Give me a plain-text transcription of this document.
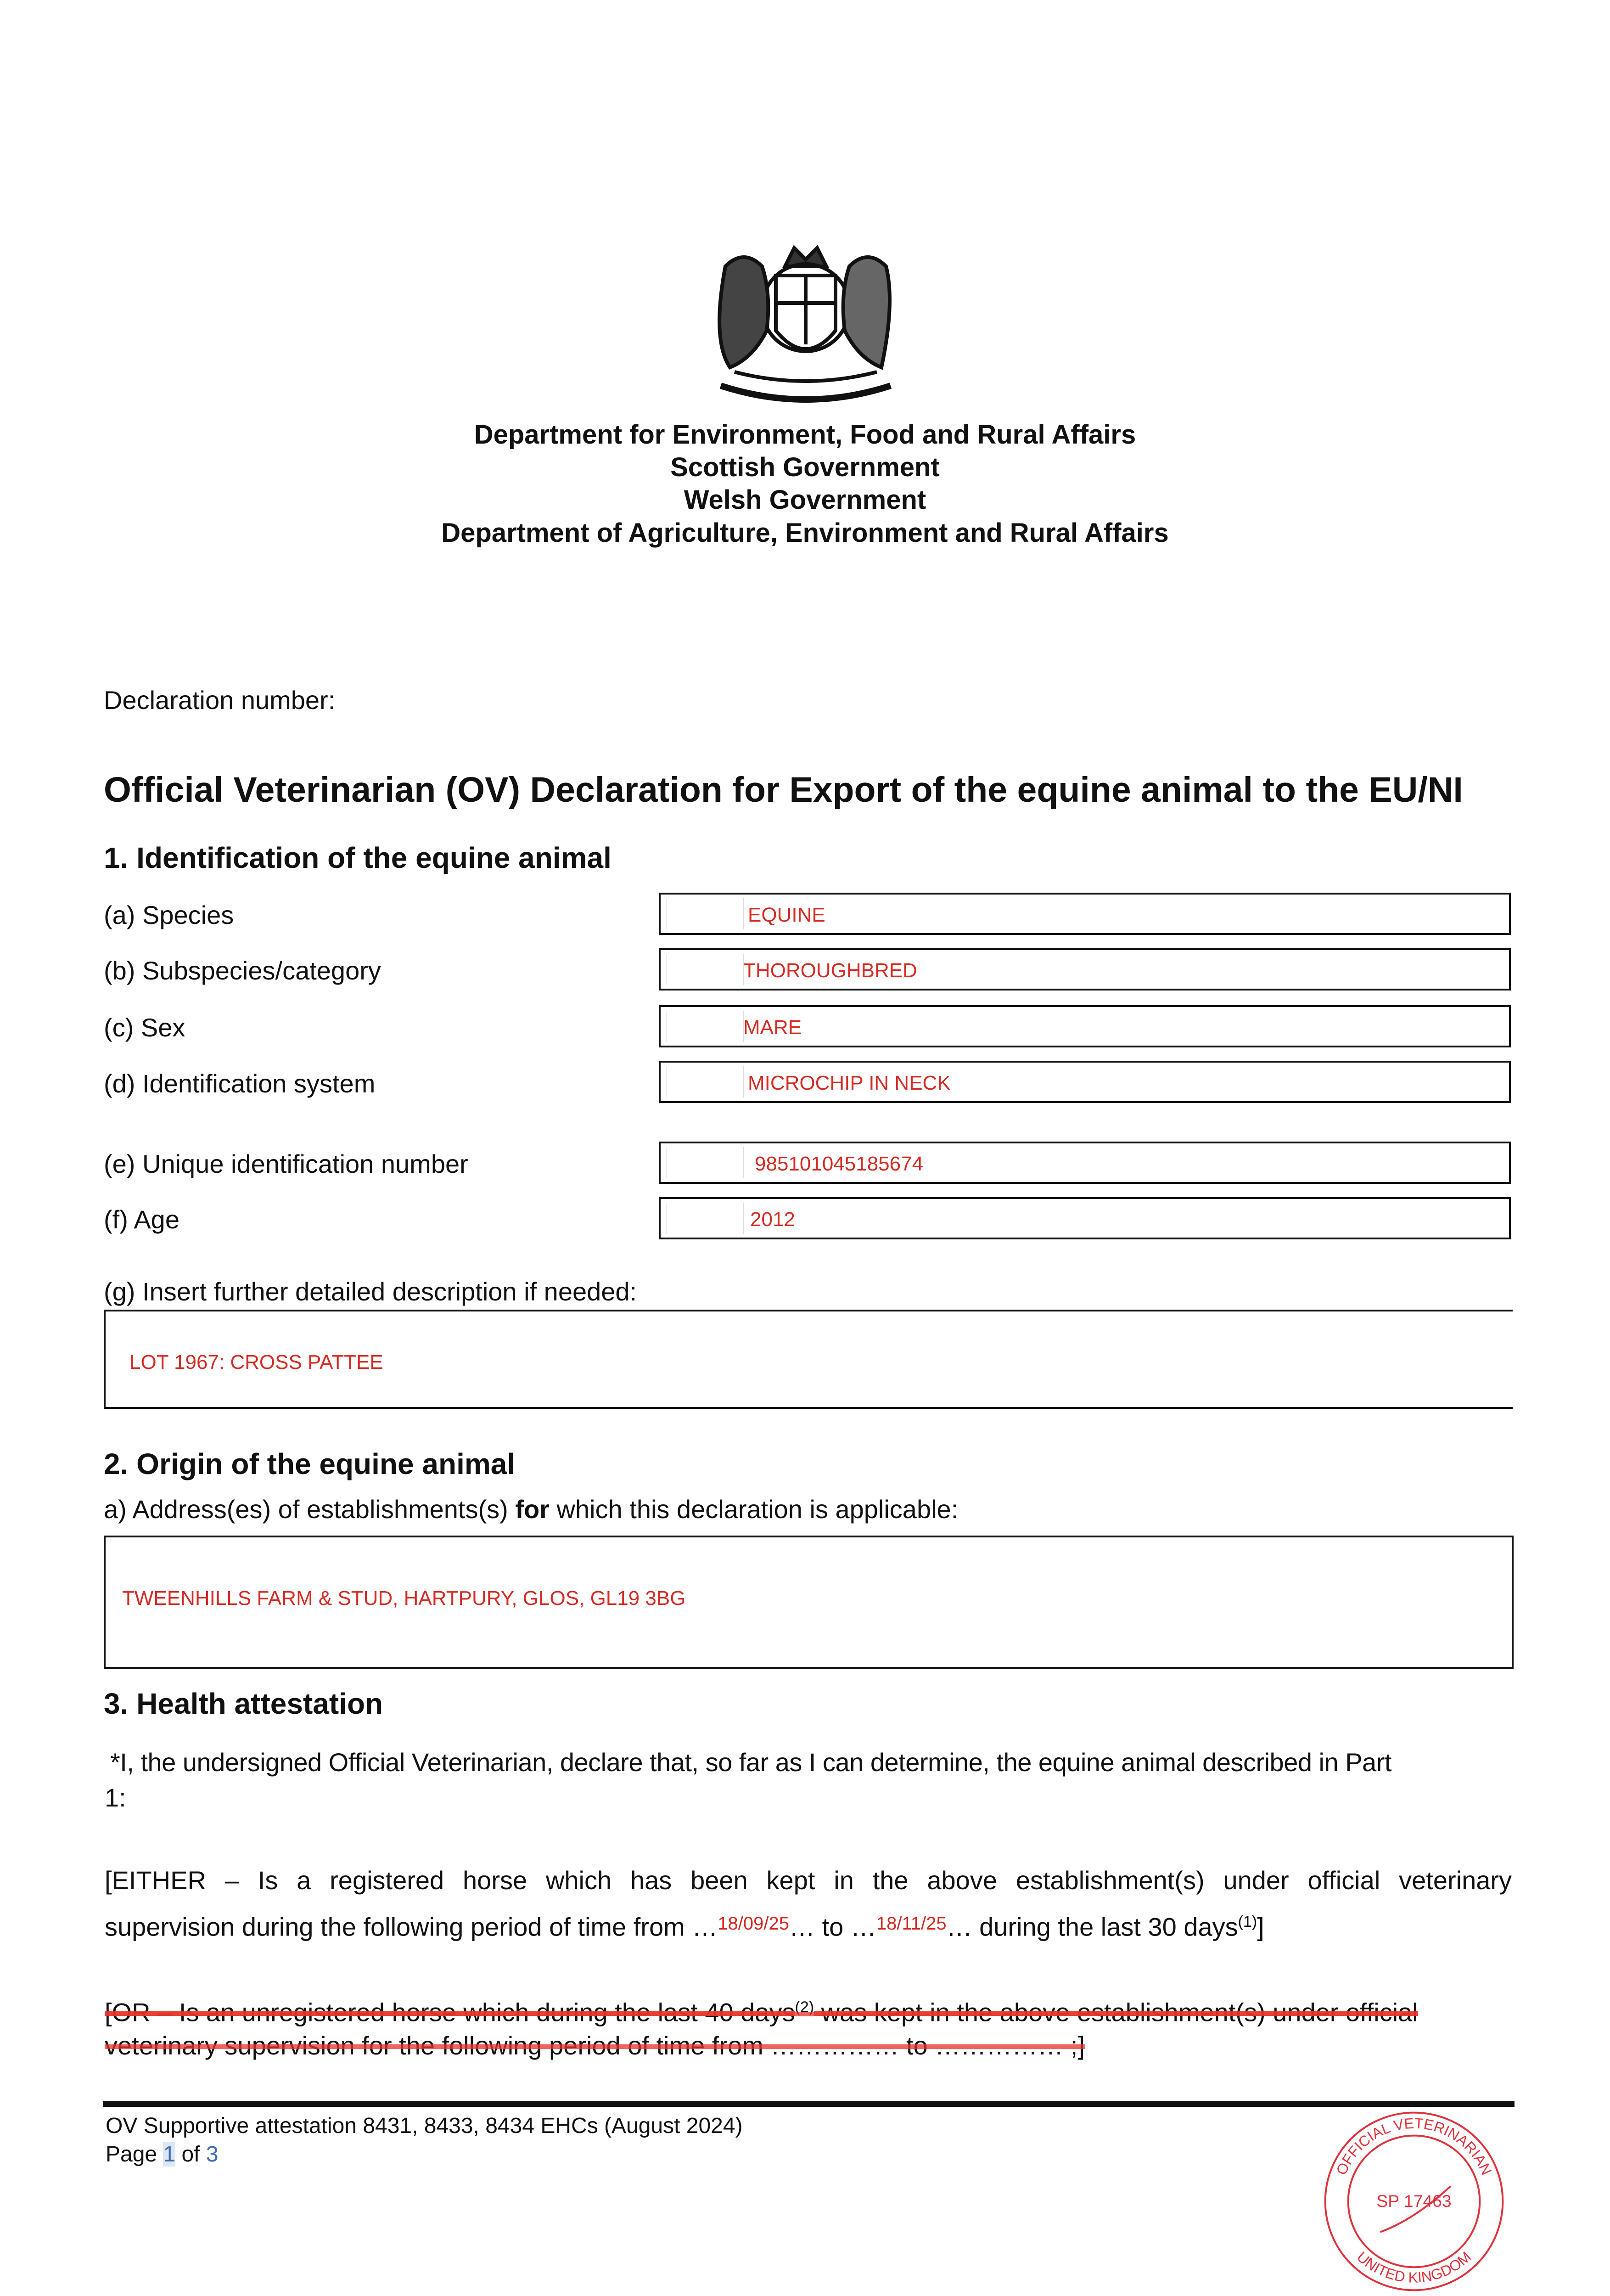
Department for Environment, Food and Rural Affairs
Scottish Government
Welsh Government
Department of Agriculture, Environment and Rural Affairs
Declaration number:
Official Veterinarian (OV) Declaration for Export of the equine animal to the EU/NI
1. Identification of the equine animal
(a) Species	EQUINE
(b) Subspecies/category	THOROUGHBRED
(c) Sex	MARE
(d) Identification system	MICROCHIP IN NECK
(e) Unique identification number	985101045185674
(f) Age	2012
(g) Insert further detailed description if needed:
LOT 1967: CROSS PATTEE
2. Origin of the equine animal
a) Address(es) of establishments(s) for which this declaration is applicable:
TWEENHILLS FARM & STUD, HARTPURY, GLOS, GL19 3BG
3. Health attestation
*I, the undersigned Official Veterinarian, declare that, so far as I can determine, the equine animal described in Part
1:
[EITHER – Is a registered horse which has been kept in the above establishment(s) under official veterinary
supervision during the following period of time from …$^{18/09/25}$… to …$^{18/11/25}$… during the last 30 days$^{(1)}$]
[OR – Is an unregistered horse which during the last 40 days$^{(2)}$ was kept in the above establishment(s) under official
veterinary supervision for the following period of time from …………… to …………… ;]
OV Supportive attestation 8431, 8433, 8434 EHCs (August 2024)
Page 1 of 3
OFFICIAL VETERINARIAN
UNITED KINGDOM
SP 17463
